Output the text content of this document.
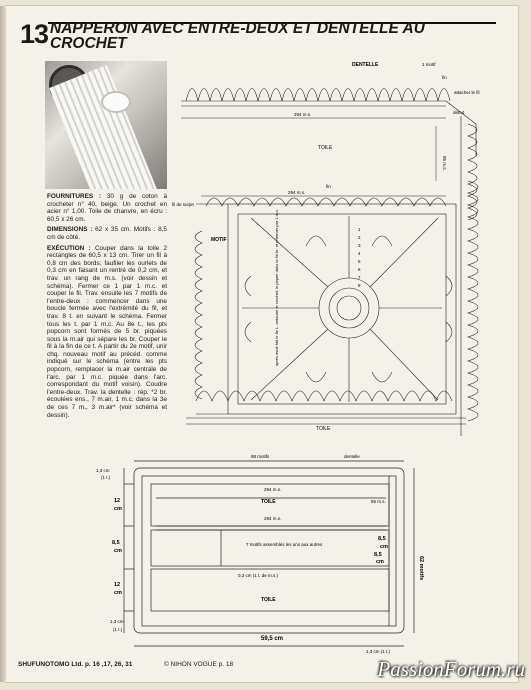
13 NAPPERON AVEC ENTRE-DEUX ET DENTELLE AU CROCHET

FOURNITURES : 30 g de coton à crocheter n° 40, beige. Un crochet en acier n° 1,00. Toile de chanvre, en écru : 60,5 x 26 cm.

DIMENSIONS : 62 x 35 cm. Motifs : 8,5 cm de côté.

EXÉCUTION : Couper dans la toile 2 rectangles de 60,5 x 13 cm. Tirer un fil à 0,8 cm des bords; faufiler les ourlets de 0,3 cm en faisant un rentré de 0,2 cm, et trav. un rang de m.s. (voir dessin et schéma). Fermer ce 1 par 1 m.c. et couper le fil. Trav. ensuite les 7 motifs de l'entre-deux : commencer dans une boucle fermée avec l'extrémité du fil, et trav. 8 t. en suivant le schéma. Fermer tous les t. par 1 m.c. Au 8e t., les pts popcorn sont formés de 5 br. piquées sous la m.air qui sépare les br. Couper le fil à la fin de ce t. A partir du 2e motif, unir chq. nouveau motif au précéd. comme indiqué sur le schéma (entre les pts popcorn, remplacer la m.air centrale de l'arc. par 1 m.c. piquée dans l'arc. correspondant du motif voisin). Coudre l'entre-deux. Trav. la dentelle : rép. *2 br. écoulées ens., 7 m.air, 1 m.c. dans la 3e de ces 7 m., 3 m.air* (voir schéma et dessin).

DENTELLE	1 motif
fin
attacher le fil
début
294 m.s.
TOILE
85 m.s.
fin
294 m.s.
fil de surjet
MOTIF
TOILE
1
2
3
4
5
6
7
8
après avoir fait le 8e t., entourer le crochet, le piquer dans la 5e br. et refermer par 1 m.c.
98 motifs	dentelle
1,3 cm
(1 t.)
12
cm
TOILE
294 m.s.
85 m.s.
8,5
cm
294 m.s.
8,5
cm
7 motifs assemblés les uns aux autres
8,5
cm
12
cm
0,3 cm (1 t. de m.s.)
TOILE
1,3 cm
(1 t.)
59,5 cm
1,3 cm (1 t.)
62 motifs
SHUFUNOTOMO Ltd. p. 16 ,17, 26, 31	© NIHON VOGUE p. 18	PassionForum.ru
